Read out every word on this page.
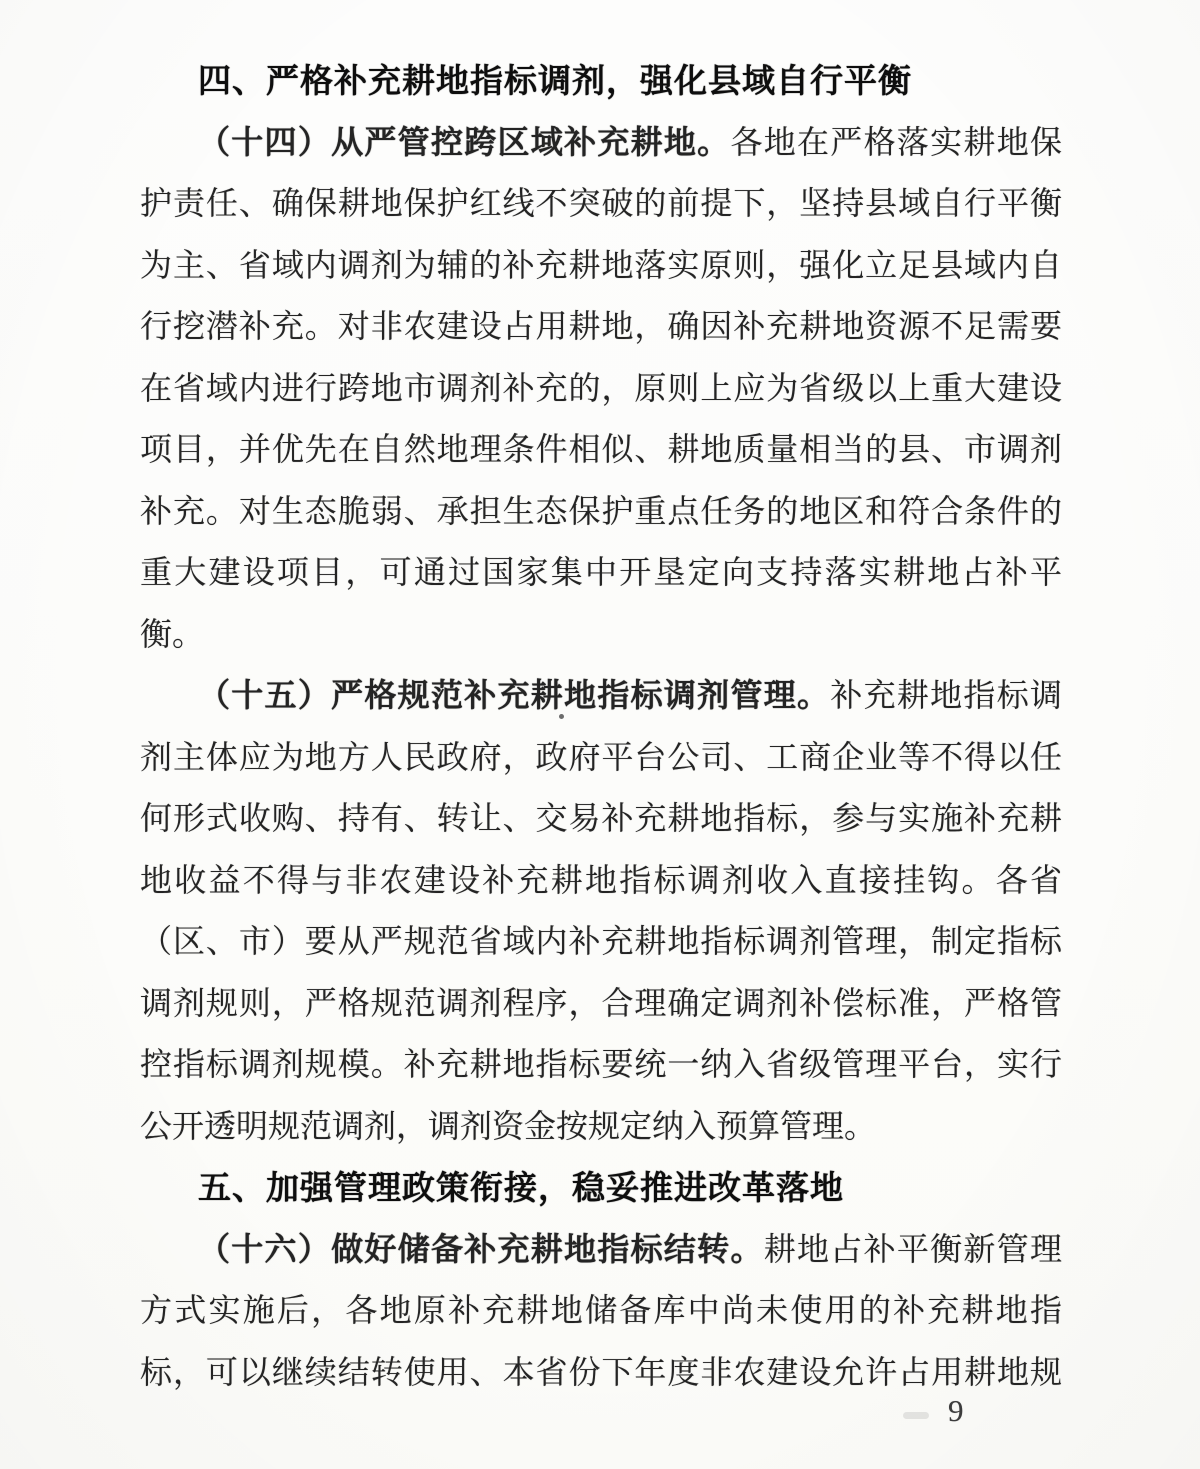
四、严格补充耕地指标调剂，强化县域自行平衡
（十四）从严管控跨区域补充耕地。各地在严格落实耕地保
护责任、确保耕地保护红线不突破的前提下，坚持县域自行平衡
为主、省域内调剂为辅的补充耕地落实原则，强化立足县域内自
行挖潜补充。对非农建设占用耕地，确因补充耕地资源不足需要
在省域内进行跨地市调剂补充的，原则上应为省级以上重大建设
项目，并优先在自然地理条件相似、耕地质量相当的县、市调剂
补充。对生态脆弱、承担生态保护重点任务的地区和符合条件的
重大建设项目，可通过国家集中开垦定向支持落实耕地占补平
衡。
（十五）严格规范补充耕地指标调剂管理。补充耕地指标调
剂主体应为地方人民政府，政府平台公司、工商企业等不得以任
何形式收购、持有、转让、交易补充耕地指标，参与实施补充耕
地收益不得与非农建设补充耕地指标调剂收入直接挂钩。各省
（区、市）要从严规范省域内补充耕地指标调剂管理，制定指标
调剂规则，严格规范调剂程序，合理确定调剂补偿标准，严格管
控指标调剂规模。补充耕地指标要统一纳入省级管理平台，实行
公开透明规范调剂，调剂资金按规定纳入预算管理。
五、加强管理政策衔接，稳妥推进改革落地
（十六）做好储备补充耕地指标结转。耕地占补平衡新管理
方式实施后，各地原补充耕地储备库中尚未使用的补充耕地指
标，可以继续结转使用、本省份下年度非农建设允许占用耕地规
9
